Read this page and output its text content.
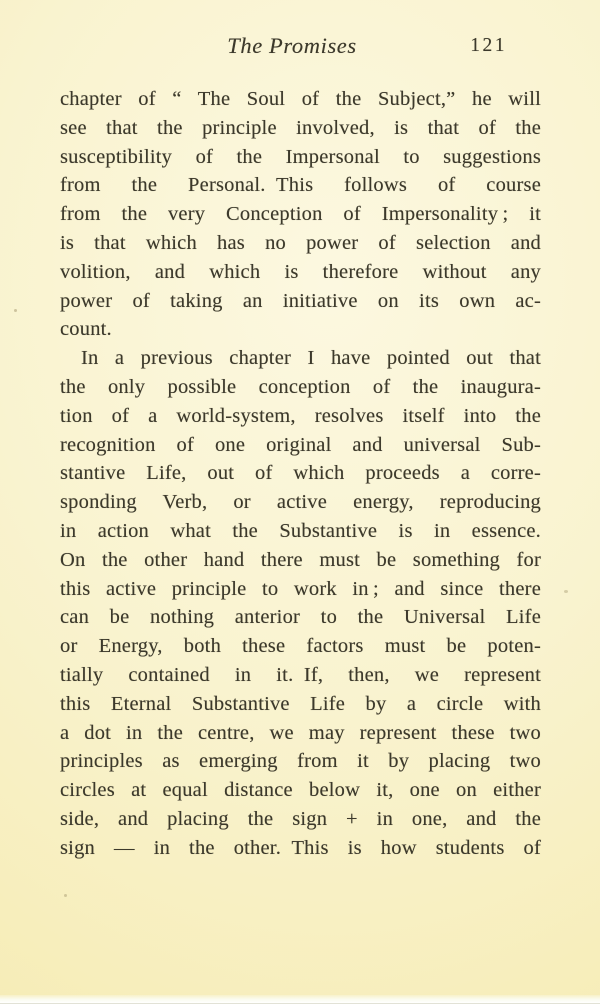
The Promises	121
chapter of “ The Soul of the Subject,” he will
see that the principle involved, is that of the
susceptibility of the Impersonal to suggestions
from the Personal. This follows of course
from the very Conception of Impersonality ; it
is that which has no power of selection and
volition, and which is therefore without any
power of taking an initiative on its own ac-
count.
In a previous chapter I have pointed out that
the only possible conception of the inaugura-
tion of a world-system, resolves itself into the
recognition of one original and universal Sub-
stantive Life, out of which proceeds a corre-
sponding Verb, or active energy, reproducing
in action what the Substantive is in essence.
On the other hand there must be something for
this active principle to work in ; and since there
can be nothing anterior to the Universal Life
or Energy, both these factors must be poten-
tially contained in it. If, then, we represent
this Eternal Substantive Life by a circle with
a dot in the centre, we may represent these two
principles as emerging from it by placing two
circles at equal distance below it, one on either
side, and placing the sign + in one, and the
sign — in the other. This is how students of
